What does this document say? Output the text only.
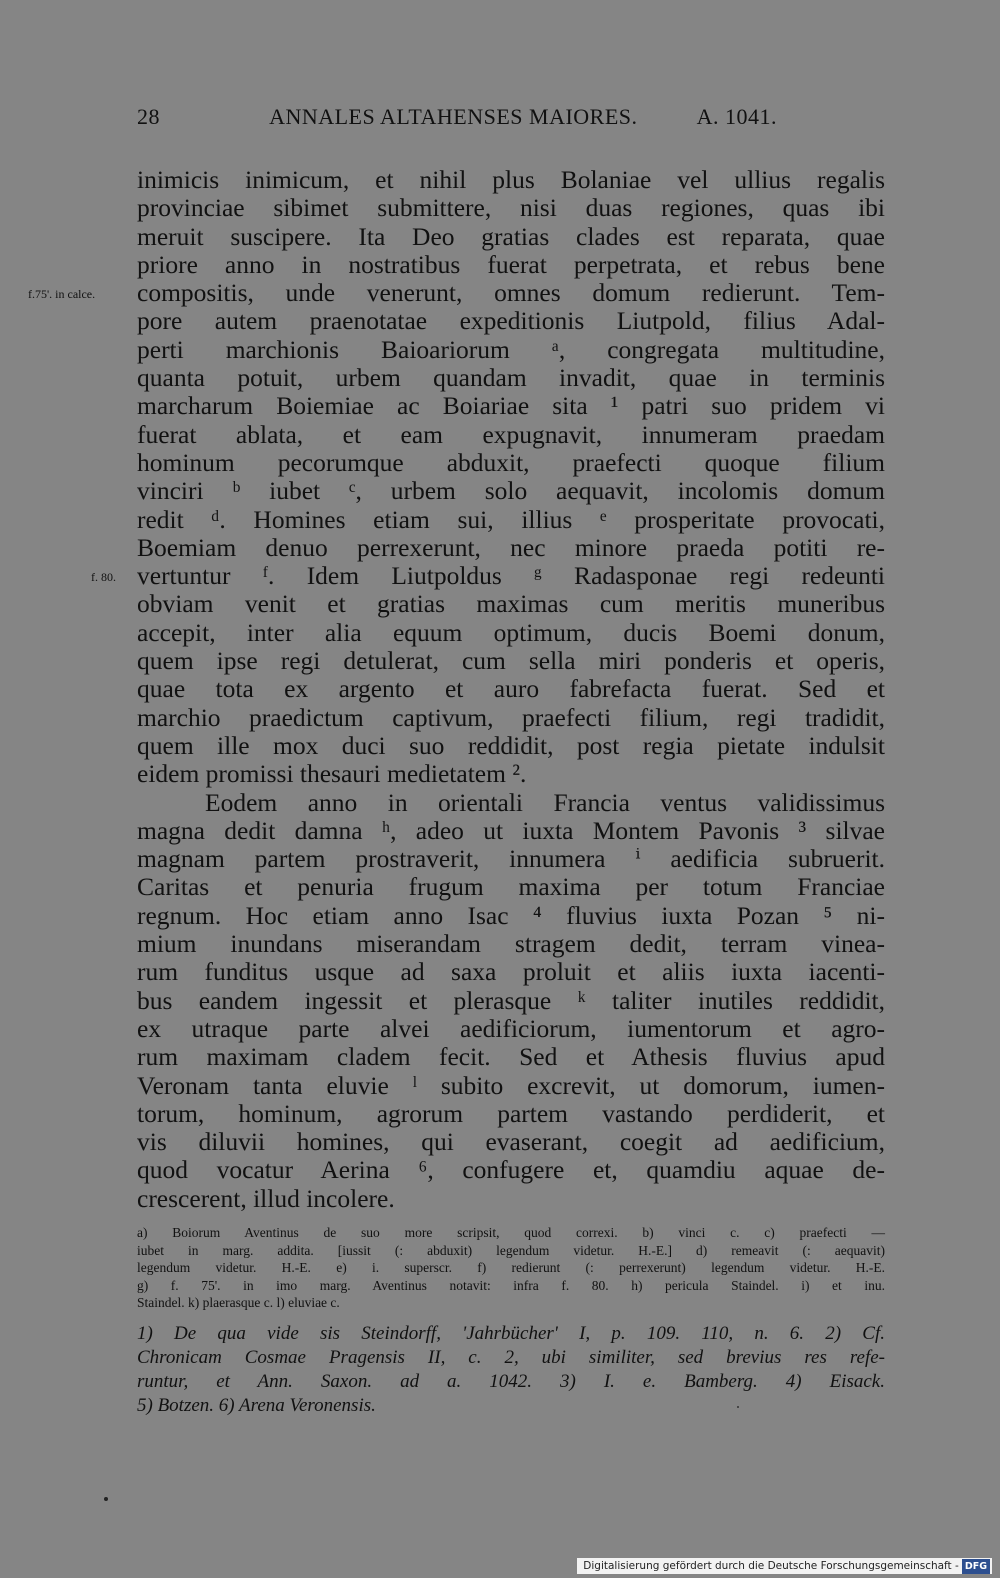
28	ANNALES ALTAHENSES MAIORES.	A. 1041.
f.75'. in calce.
f. 80.
inimicis inimicum, et nihil plus Bolaniae vel ullius regalis
provinciae sibimet submittere, nisi duas regiones, quas ibi
meruit suscipere. Ita Deo gratias clades est reparata, quae
priore anno in nostratibus fuerat perpetrata, et rebus bene
compositis, unde venerunt, omnes domum redierunt. Tem-
pore autem praenotatae expeditionis Liutpold, filius Adal-
perti marchionis Baioariorum ᵃ, congregata multitudine,
quanta potuit, urbem quandam invadit, quae in terminis
marcharum Boiemiae ac Boiariae sita ¹ patri suo pridem vi
fuerat ablata, et eam expugnavit, innumeram praedam
hominum pecorumque abduxit, praefecti quoque filium
vinciri ᵇ iubet ᶜ, urbem solo aequavit, incolomis domum
redit ᵈ. Homines etiam sui, illius ᵉ prosperitate provocati,
Boemiam denuo perrexerunt, nec minore praeda potiti re-
vertuntur ᶠ. Idem Liutpoldus ᵍ Radasponae regi redeunti
obviam venit et gratias maximas cum meritis muneribus
accepit, inter alia equum optimum, ducis Boemi donum,
quem ipse regi detulerat, cum sella miri ponderis et operis,
quae tota ex argento et auro fabrefacta fuerat. Sed et
marchio praedictum captivum, praefecti filium, regi tradidit,
quem ille mox duci suo reddidit, post regia pietate indulsit
eidem promissi thesauri medietatem ².
Eodem anno in orientali Francia ventus validissimus
magna dedit damna ʰ, adeo ut iuxta Montem Pavonis ³ silvae
magnam partem prostraverit, innumera ⁱ aedificia subruerit.
Caritas et penuria frugum maxima per totum Franciae
regnum. Hoc etiam anno Isac ⁴ fluvius iuxta Pozan ⁵ ni-
mium inundans miserandam stragem dedit, terram vinea-
rum funditus usque ad saxa proluit et aliis iuxta iacenti-
bus eandem ingessit et plerasque ᵏ taliter inutiles reddidit,
ex utraque parte alvei aedificiorum, iumentorum et agro-
rum maximam cladem fecit. Sed et Athesis fluvius apud
Veronam tanta eluvie ˡ subito excrevit, ut domorum, iumen-
torum, hominum, agrorum partem vastando perdiderit, et
vis diluvii homines, qui evaserant, coegit ad aedificium,
quod vocatur Aerina ⁶, confugere et, quamdiu aquae de-
crescerent, illud incolere.
a) Boiorum Aventinus de suo more scripsit, quod correxi. b) vinci c. c) praefecti —
iubet in marg. addita. [iussit (: abduxit) legendum videtur. H.-E.] d) remeavit (: aequavit)
legendum videtur. H.-E. e) i. superscr. f) redierunt (: perrexerunt) legendum videtur. H.-E.
g) f. 75'. in imo marg. Aventinus notavit: infra f. 80. h) pericula Staindel. i) et inu.
Staindel. k) plaerasque c. l) eluviae c.
1) De qua vide sis Steindorff, 'Jahrbücher' I, p. 109. 110, n. 6. 2) Cf.
Chronicam Cosmae Pragensis II, c. 2, ubi similiter, sed brevius res refe-
runtur, et Ann. Saxon. ad a. 1042. 3) I. e. Bamberg. 4) Eisack.
5) Botzen. 6) Arena Veronensis.
Digitalisierung gefördert durch die Deutsche Forschungsgemeinschaft - DFG
